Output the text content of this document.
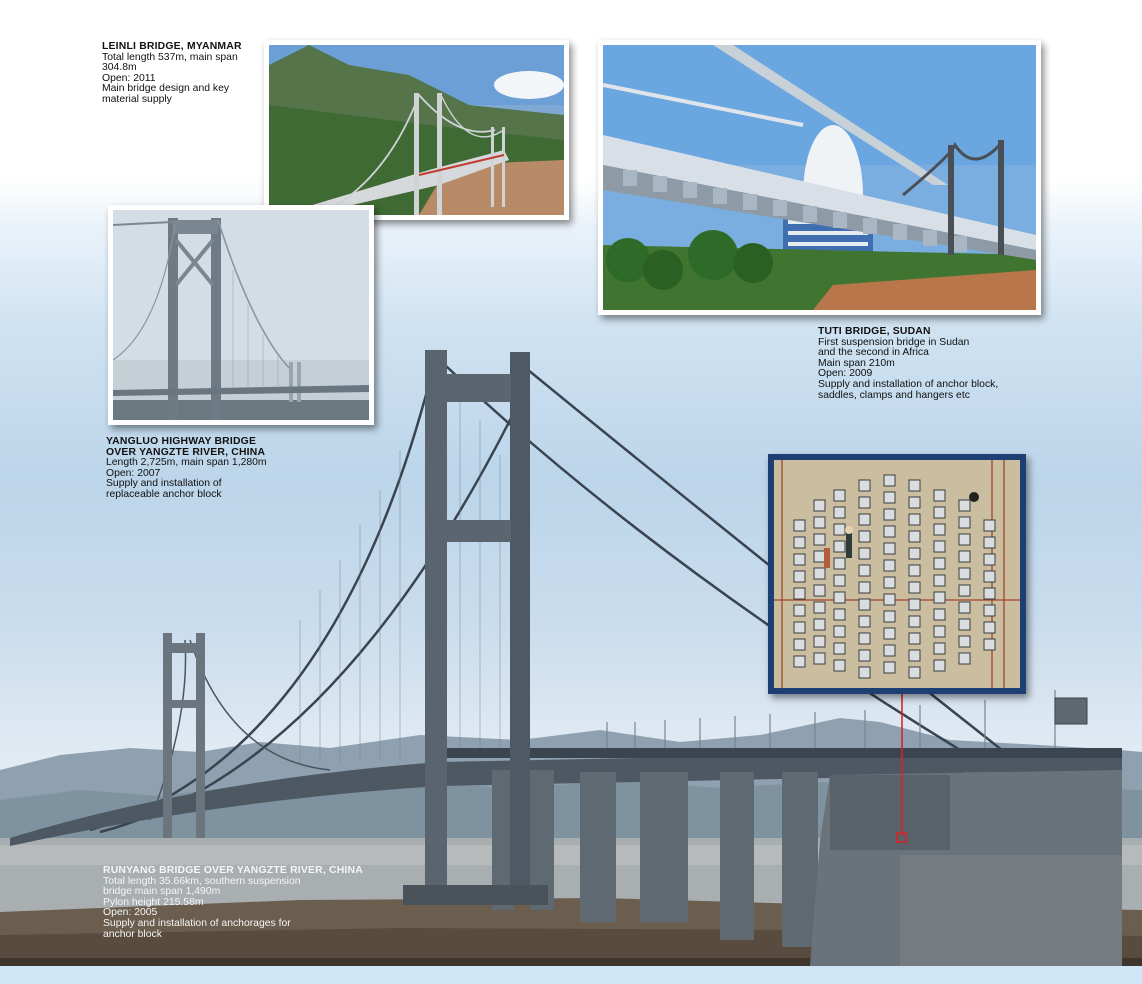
LEINLI BRIDGE, MYANMAR
Total length 537m, main span
304.8m
Open: 2011
Main bridge design and key
material supply
TUTI BRIDGE, SUDAN
First suspension bridge in Sudan
and the second in Africa
Main span 210m
Open: 2009
Supply and installation of anchor block,
saddles, clamps and hangers etc
YANGLUO HIGHWAY BRIDGE
OVER YANGZTE RIVER, CHINA
Length 2,725m, main span 1,280m
Open: 2007
Supply and installation of
replaceable anchor block
RUNYANG BRIDGE OVER YANGZTE RIVER, CHINA
Total length 35.66km, southern suspension
bridge main span 1,490m
Pylon height 215.58m
Open: 2005
Supply and installation of anchorages for
anchor block
